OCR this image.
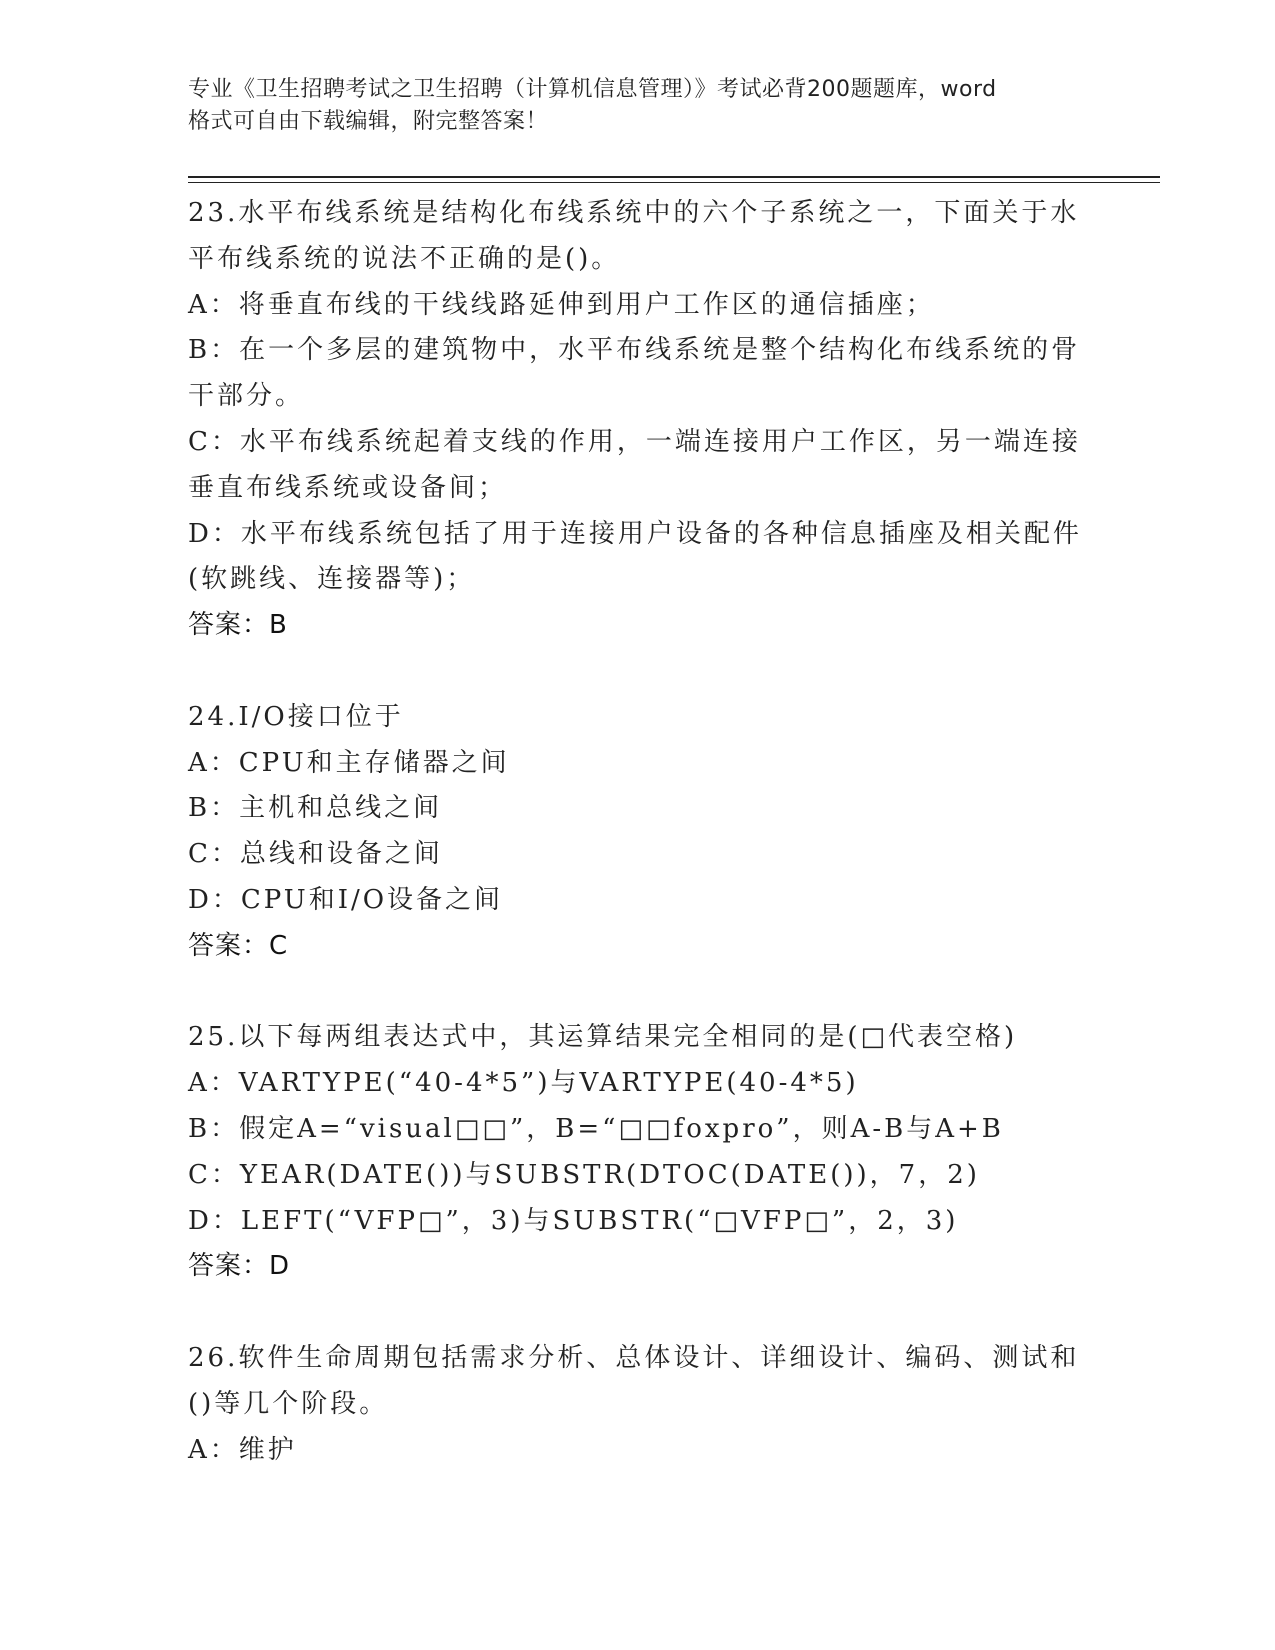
专业《卫生招聘考试之卫生招聘（计算机信息管理）》考试必背200题题库，word
格式可自由下载编辑，附完整答案！
23.水平布线系统是结构化布线系统中的六个子系统之一，下面关于水
平布线系统的说法不正确的是()。
A：将垂直布线的干线线路延伸到用户工作区的通信插座；
B：在一个多层的建筑物中，水平布线系统是整个结构化布线系统的骨
干部分。
C：水平布线系统起着支线的作用，一端连接用户工作区，另一端连接
垂直布线系统或设备间；
D：水平布线系统包括了用于连接用户设备的各种信息插座及相关配件
(软跳线、连接器等)；
答案：B
24.I/O接口位于
A：CPU和主存储器之间
B：主机和总线之间
C：总线和设备之间
D：CPU和I/O设备之间
答案：C
25.以下每两组表达式中，其运算结果完全相同的是(□代表空格)
A：VARTYPE(“40-4*5”)与VARTYPE(40-4*5)
B：假定A=“visual□□”，B=“□□foxpro”，则A-B与A+B
C：YEAR(DATE())与SUBSTR(DTOC(DATE())，7，2)
D：LEFT(“VFP□”，3)与SUBSTR(“□VFP□”，2，3)
答案：D
26.软件生命周期包括需求分析、总体设计、详细设计、编码、测试和
()等几个阶段。
A：维护
